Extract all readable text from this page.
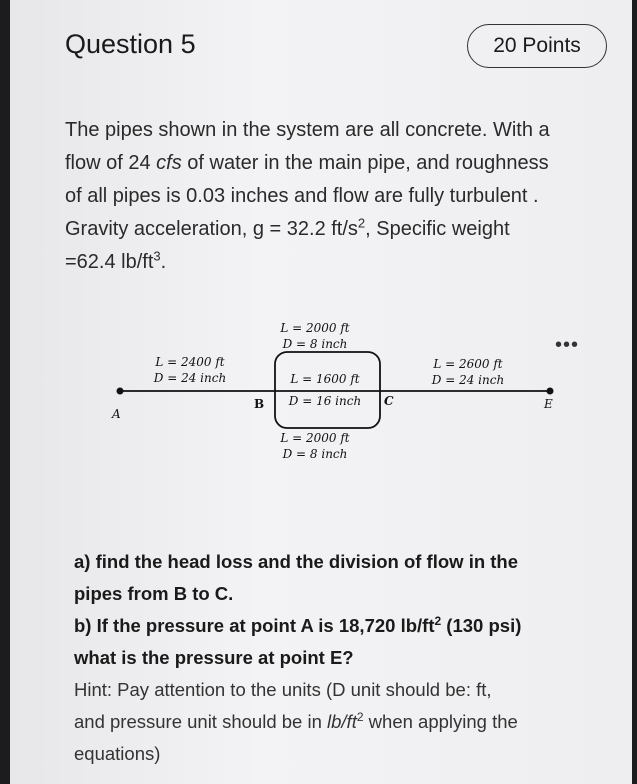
Question 5	20 Points

The pipes shown in the system are all concrete. With a
flow of 24 cfs of water in the main pipe, and roughness
of all pipes is 0.03 inches and flow are fully turbulent .
Gravity acceleration, g = 32.2 $ft/s^2$, Specific weight
=62.4 $lb/ft^3$.

•••
L = 2000 ft
D = 8 inch
L = 2400 ft
D = 24 inch
L = 2600 ft
D = 24 inch
L = 1600 ft
D = 16 inch
L = 2000 ft
D = 8 inch
A
B	C	E

a) find the head loss and the division of flow in the
pipes from B to C.

b) If the pressure at point A is 18,720 $lb/ft^2$ (130 psi)
what is the pressure at point E?

Hint: Pay attention to the units (D unit should be: ft,
and pressure unit should be in $lb/ft^2$ when applying the
equations)
